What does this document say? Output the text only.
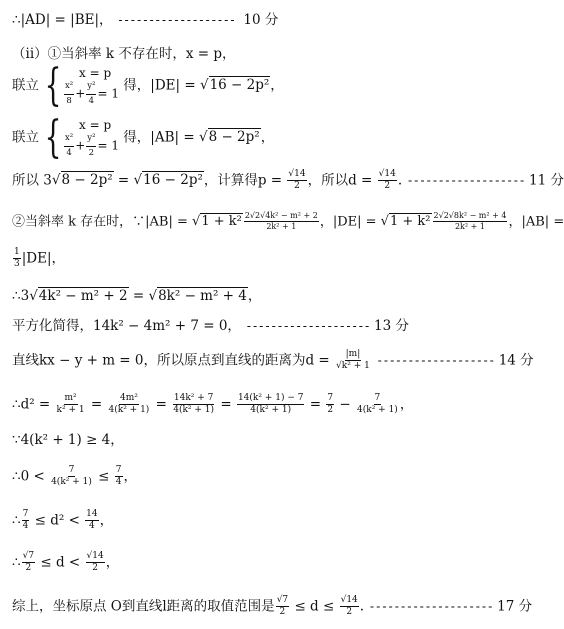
∴|AD| = |BE|， ------------------- 10 分
（ii）①当斜率 k 不存在时，x = p，
联立 {	x = p
$\frac{\text{x²}}{8} + \frac{\text{y²}}{4} = 1$
得，|DE| = √16 − 2p²，
联立 {	x = p
$\frac{\text{x²}}{4} + \frac{\text{y²}}{2} = 1$
得，|AB| = √8 − 2p²，
所以 3√8 − 2p² = √16 − 2p²，计算得$p = \frac{√14}{2}$ ，所以$d = \frac{√14}{2}$ . ------------------- 11 分
②当斜率 k 存在时，∵|AB| = $√1 + k^2 \frac{\text{2√2√4k² − m² + 2}}{\text{2k² + 1}}$ ，$|DE| = √1 + k^2 \frac{\text{2√2√8k² − m² + 4}}{\text{2k² + 1}}$ ，|AB| =
$\frac{1}{3} |DE|$，
∴3√4k² − m² + 2 = √8k² − m² + 4，
平方化简得，14k² − 4m² + 7 = 0， -------------------- 13 分
直线kx − y + m = 0，所以原点到直线的距离为$d = \frac{|m|}{\text{√k² + 1}}$ ------------------- 14 分
∴d² = $\frac{\text{m²}}{\text{k² + 1}} = \frac{\text{4m²}}{\text{4(k² + 1)}} = \frac{\text{14k² + 7}}{\text{4(k² + 1)}} = \frac{\text{14(k² + 1) − 7}}{\text{4(k² + 1)}} = \frac{7}{2} - \frac{7}{\text{4(k² + 1)}}$ ，
∵4(k² + 1) ≥ 4，
∴0 < $\frac{7}{\text{4(k² + 1)}} \le \frac{7}{4}$ ，
∴ $\frac{7}{4} \le d^2 < \frac{14}{4}$ ，
∴ $\frac{√7}{2} \le d < \frac{√14}{2}$ ，
综上，坐标原点 O到直线l距离的取值范围是 $\frac{√7}{2} \le d \le \frac{√14}{2}$ . -------------------- 17 分
